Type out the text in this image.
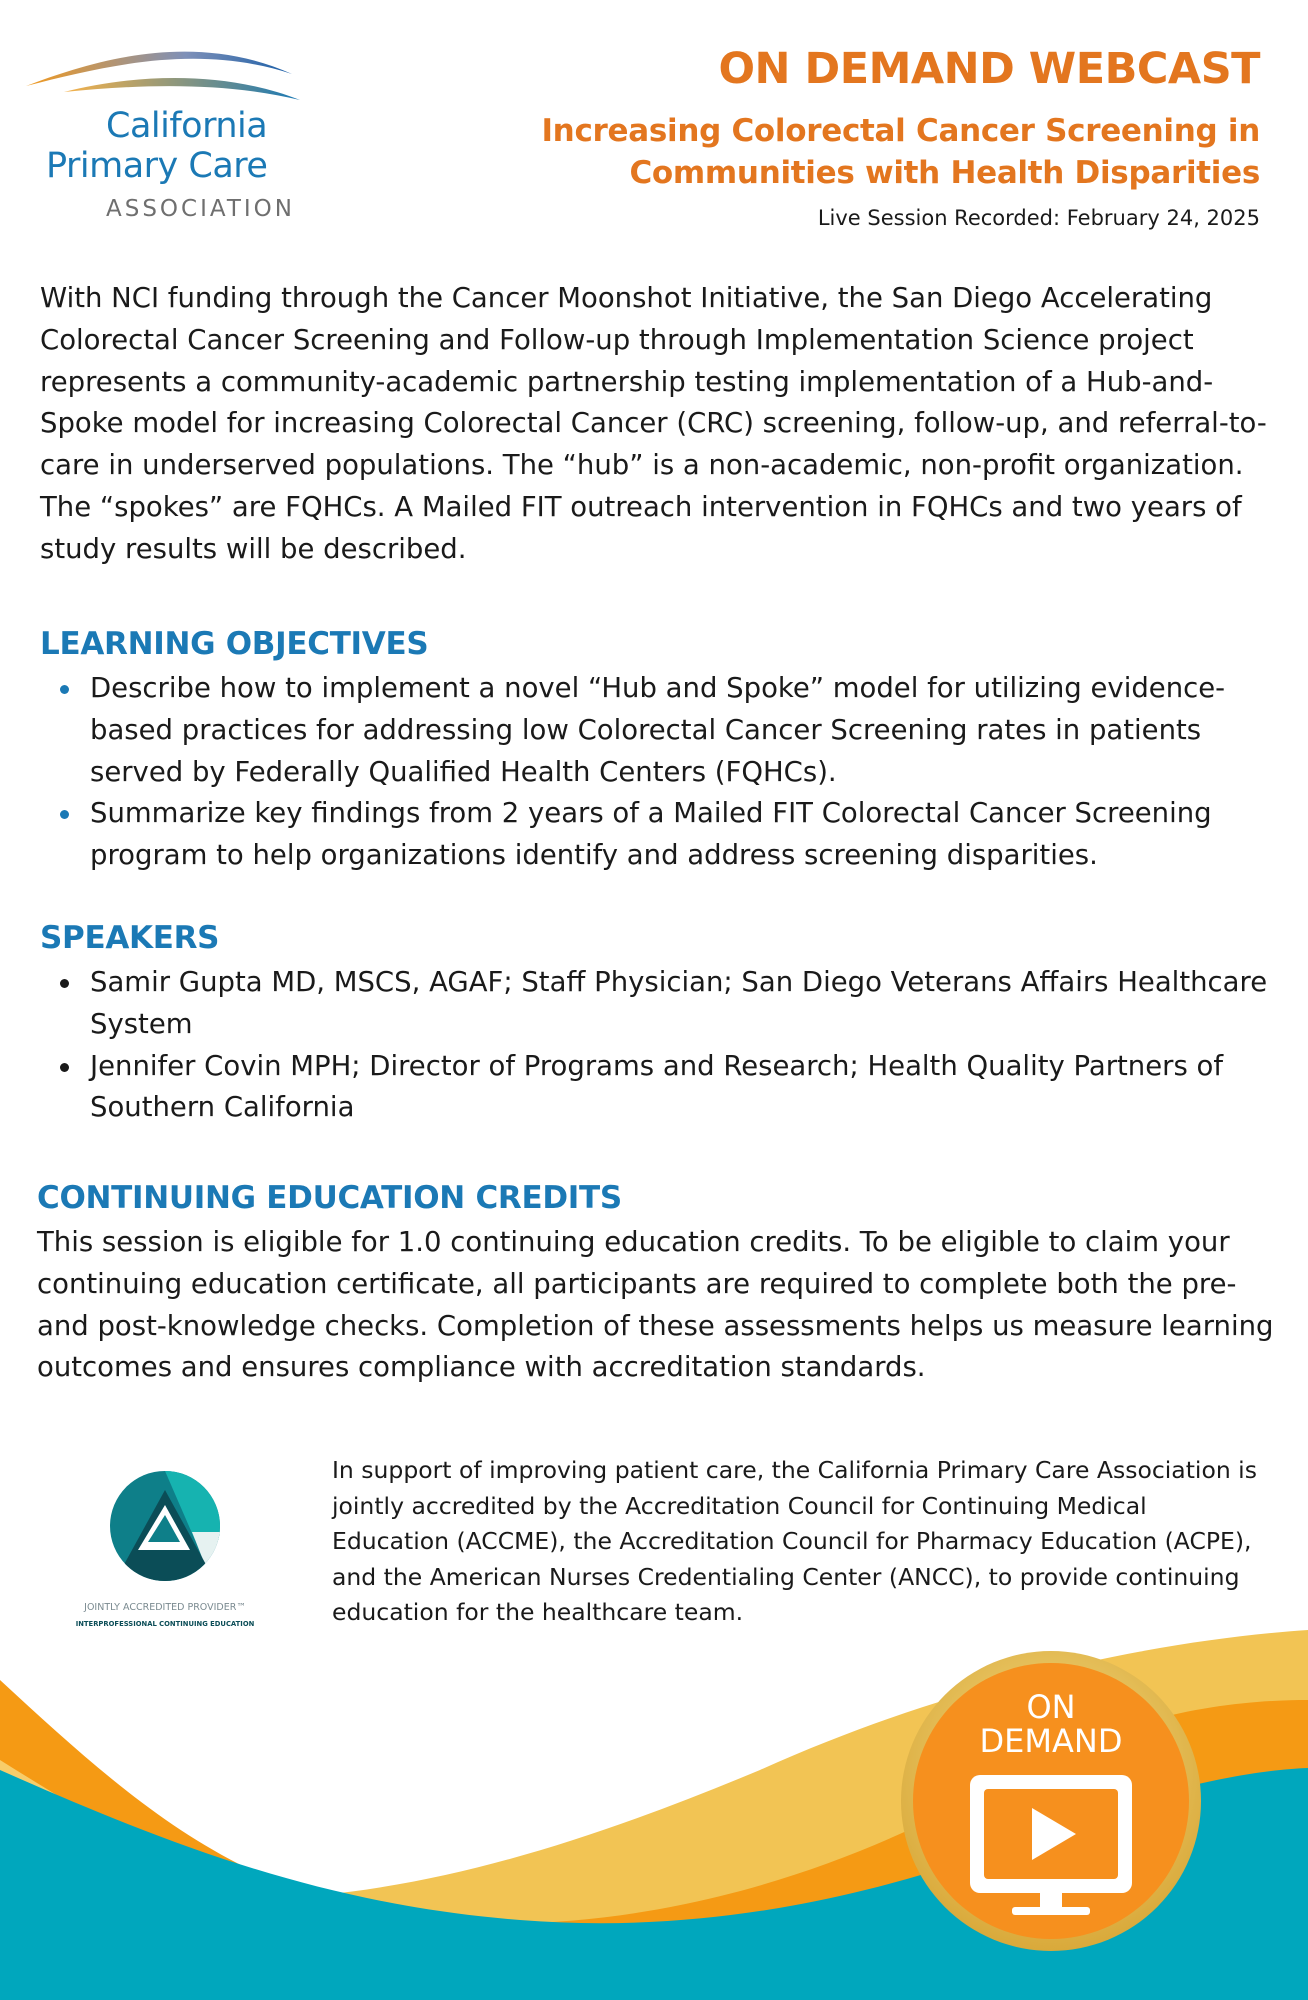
California
Primary Care
ASSOCIATION
ON DEMAND WEBCAST
Increasing Colorectal Cancer Screening in
Communities with Health Disparities
Live Session Recorded: February 24, 2025

With NCI funding through the Cancer Moonshot Initiative, the San Diego Accelerating Colorectal Cancer Screening and Follow-up through Implementation Science project represents a community-academic partnership testing implementation of a Hub-and-Spoke model for increasing Colorectal Cancer (CRC) screening, follow-up, and referral-to-care in underserved populations. The “hub” is a non-academic, non-profit organization. The “spokes” are FQHCs. A Mailed FIT outreach intervention in FQHCs and two years of study results will be described.

LEARNING OBJECTIVES
Describe how to implement a novel “Hub and Spoke” model for utilizing evidence-based practices for addressing low Colorectal Cancer Screening rates in patients served by Federally Qualified Health Centers (FQHCs).
Summarize key findings from 2 years of a Mailed FIT Colorectal Cancer Screening program to help organizations identify and address screening disparities.
SPEAKERS
Samir Gupta MD, MSCS, AGAF; Staff Physician; San Diego Veterans Affairs Healthcare System
Jennifer Covin MPH; Director of Programs and Research; Health Quality Partners of Southern California
CONTINUING EDUCATION CREDITS

This session is eligible for 1.0 continuing education credits. To be eligible to claim your continuing education certificate, all participants are required to complete both the pre- and post-knowledge checks. Completion of these assessments helps us measure learning outcomes and ensures compliance with accreditation standards.

JOINTLY ACCREDITED PROVIDER™
INTERPROFESSIONAL CONTINUING EDUCATION

In support of improving patient care, the California Primary Care Association is jointly accredited by the Accreditation Council for Continuing Medical Education (ACCME), the Accreditation Council for Pharmacy Education (ACPE), and the American Nurses Credentialing Center (ANCC), to provide continuing education for the healthcare team.

ON
DEMAND
